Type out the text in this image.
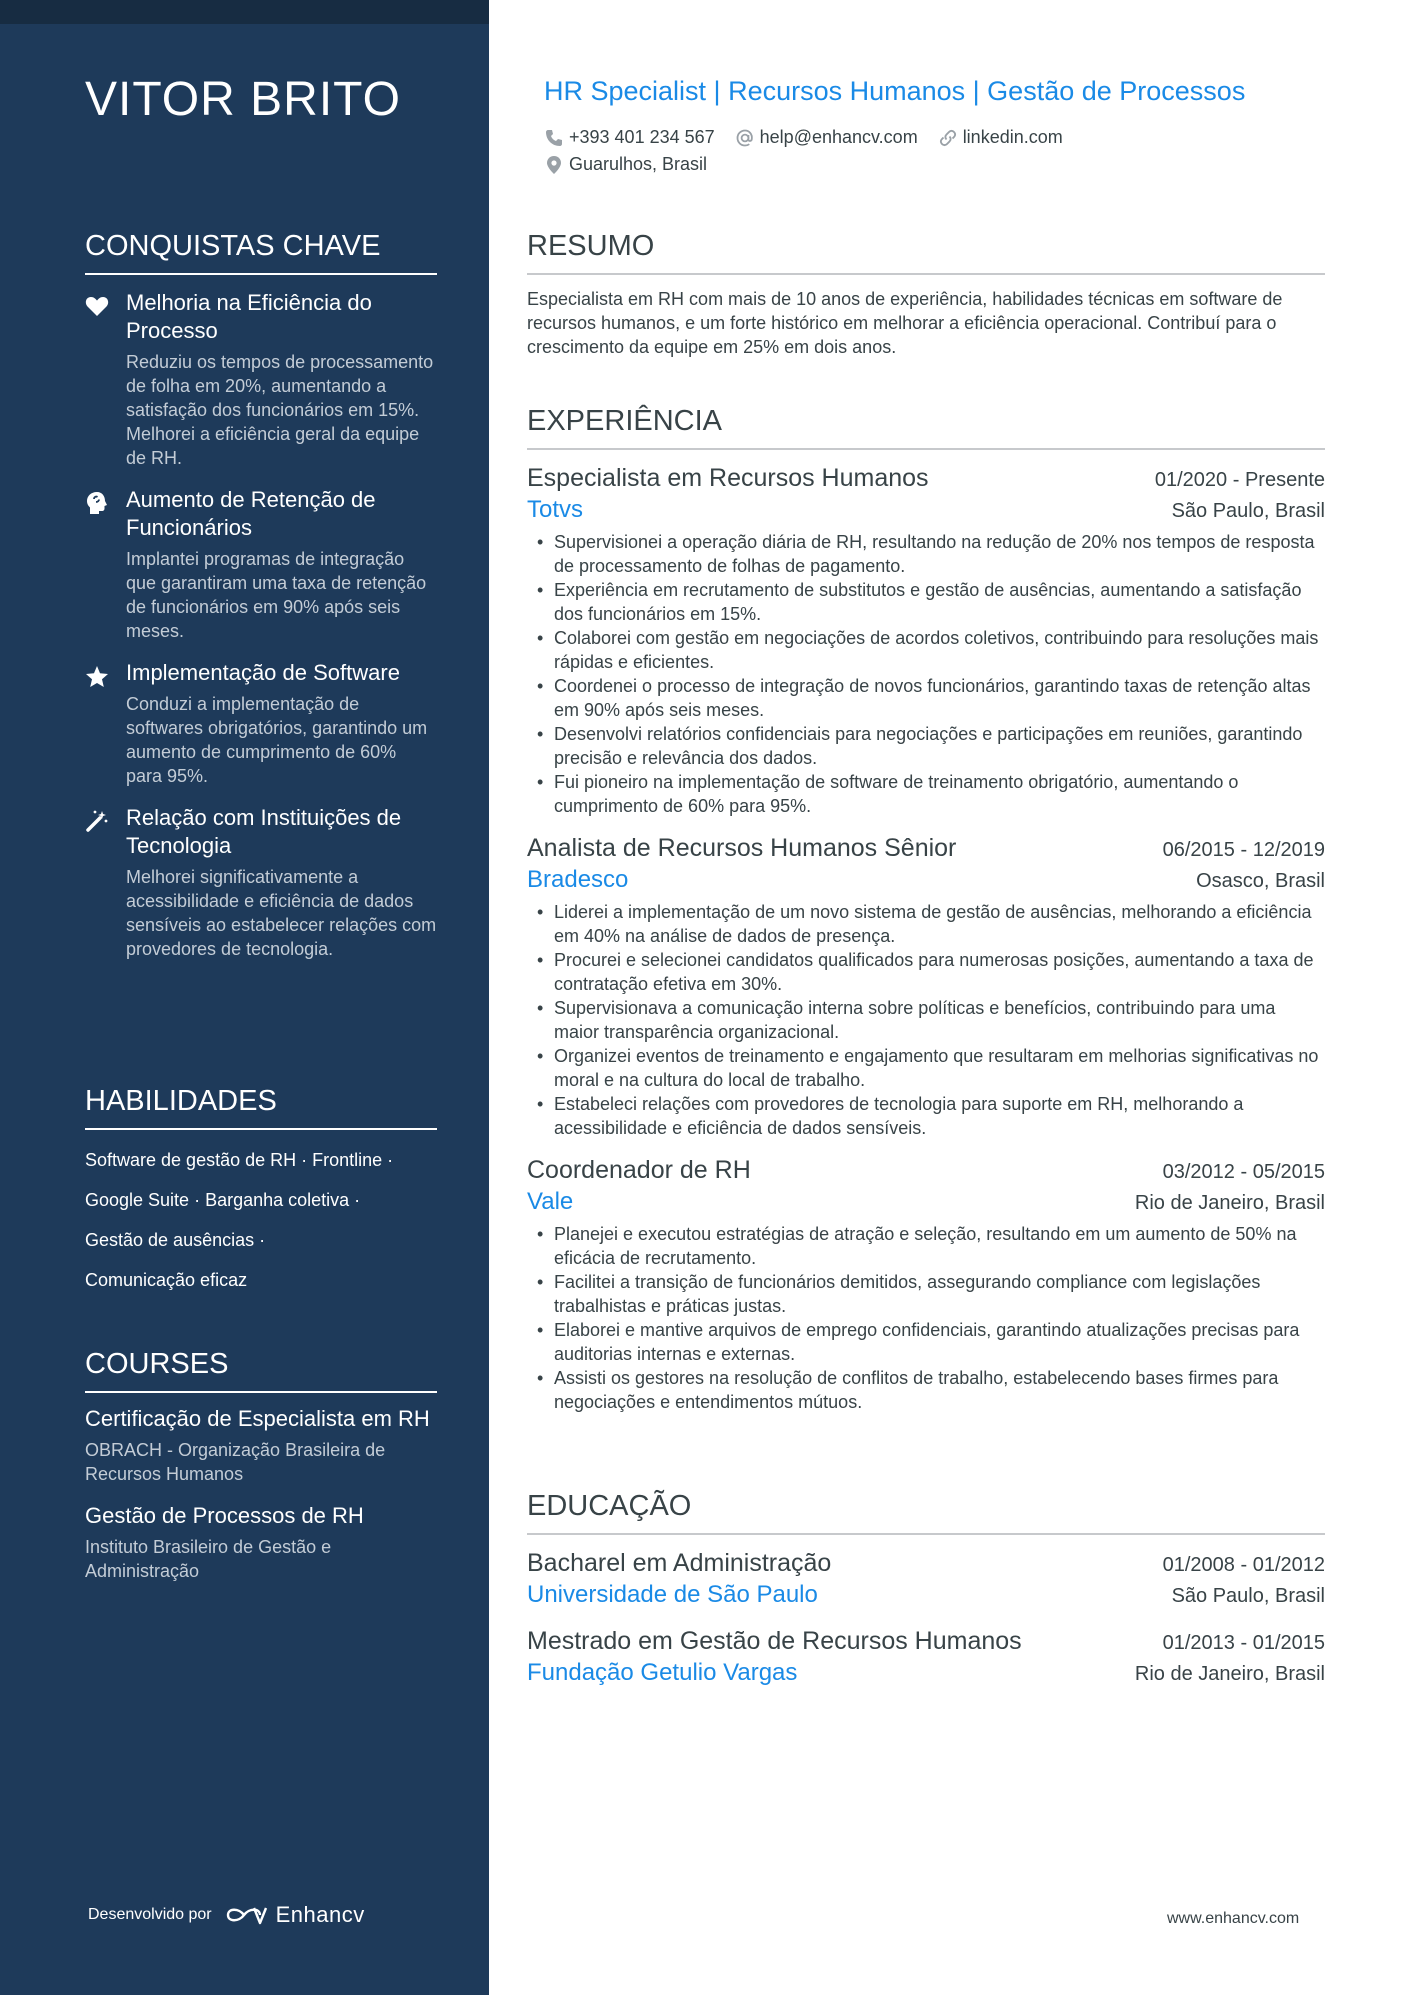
VITOR BRITO
CONQUISTAS CHAVE
Melhoria na Eficiência do Processo
Reduziu os tempos de processamento de folha em 20%, aumentando a satisfação dos funcionários em 15%. Melhorei a eficiência geral da equipe de RH.
Aumento de Retenção de Funcionários
Implantei programas de integração que garantiram uma taxa de retenção de funcionários em 90% após seis meses.
Implementação de Software
Conduzi a implementação de softwares obrigatórios, garantindo um aumento de cumprimento de 60% para 95%.
Relação com Instituições de Tecnologia
Melhorei significativamente a acessibilidade e eficiência de dados sensíveis ao estabelecer relações com provedores de tecnologia.
HABILIDADES
Software de gestão de RH · Frontline ·
Google Suite · Barganha coletiva ·
Gestão de ausências ·
Comunicação eficaz
COURSES
Certificação de Especialista em RH
OBRACH - Organização Brasileira de Recursos Humanos
Gestão de Processos de RH
Instituto Brasileiro de Gestão e Administração
Desenvolvido por	Enhancv
HR Specialist | Recursos Humanos | Gestão de Processos
+393 401 234 567	help@enhancv.com	linkedin.com
Guarulhos, Brasil
RESUMO

Especialista em RH com mais de 10 anos de experiência, habilidades técnicas em software de recursos humanos, e um forte histórico em melhorar a eficiência operacional. Contribuí para o crescimento da equipe em 25% em dois anos.

EXPERIÊNCIA
Especialista em Recursos Humanos	01/2020 - Presente
Totvs	São Paulo, Brasil
• Supervisionei a operação diária de RH, resultando na redução de 20% nos tempos de resposta de processamento de folhas de pagamento.
• Experiência em recrutamento de substitutos e gestão de ausências, aumentando a satisfação dos funcionários em 15%.
• Colaborei com gestão em negociações de acordos coletivos, contribuindo para resoluções mais rápidas e eficientes.
• Coordenei o processo de integração de novos funcionários, garantindo taxas de retenção altas em 90% após seis meses.
• Desenvolvi relatórios confidenciais para negociações e participações em reuniões, garantindo precisão e relevância dos dados.
• Fui pioneiro na implementação de software de treinamento obrigatório, aumentando o cumprimento de 60% para 95%.
Analista de Recursos Humanos Sênior	06/2015 - 12/2019
Bradesco	Osasco, Brasil
• Liderei a implementação de um novo sistema de gestão de ausências, melhorando a eficiência em 40% na análise de dados de presença.
• Procurei e selecionei candidatos qualificados para numerosas posições, aumentando a taxa de contratação efetiva em 30%.
• Supervisionava a comunicação interna sobre políticas e benefícios, contribuindo para uma maior transparência organizacional.
• Organizei eventos de treinamento e engajamento que resultaram em melhorias significativas no moral e na cultura do local de trabalho.
• Estabeleci relações com provedores de tecnologia para suporte em RH, melhorando a acessibilidade e eficiência de dados sensíveis.
Coordenador de RH	03/2012 - 05/2015
Vale	Rio de Janeiro, Brasil
• Planejei e executou estratégias de atração e seleção, resultando em um aumento de 50% na eficácia de recrutamento.
• Facilitei a transição de funcionários demitidos, assegurando compliance com legislações trabalhistas e práticas justas.
• Elaborei e mantive arquivos de emprego confidenciais, garantindo atualizações precisas para auditorias internas e externas.
• Assisti os gestores na resolução de conflitos de trabalho, estabelecendo bases firmes para negociações e entendimentos mútuos.
EDUCAÇÃO
Bacharel em Administração	01/2008 - 01/2012
Universidade de São Paulo	São Paulo, Brasil
Mestrado em Gestão de Recursos Humanos	01/2013 - 01/2015
Fundação Getulio Vargas	Rio de Janeiro, Brasil
www.enhancv.com
